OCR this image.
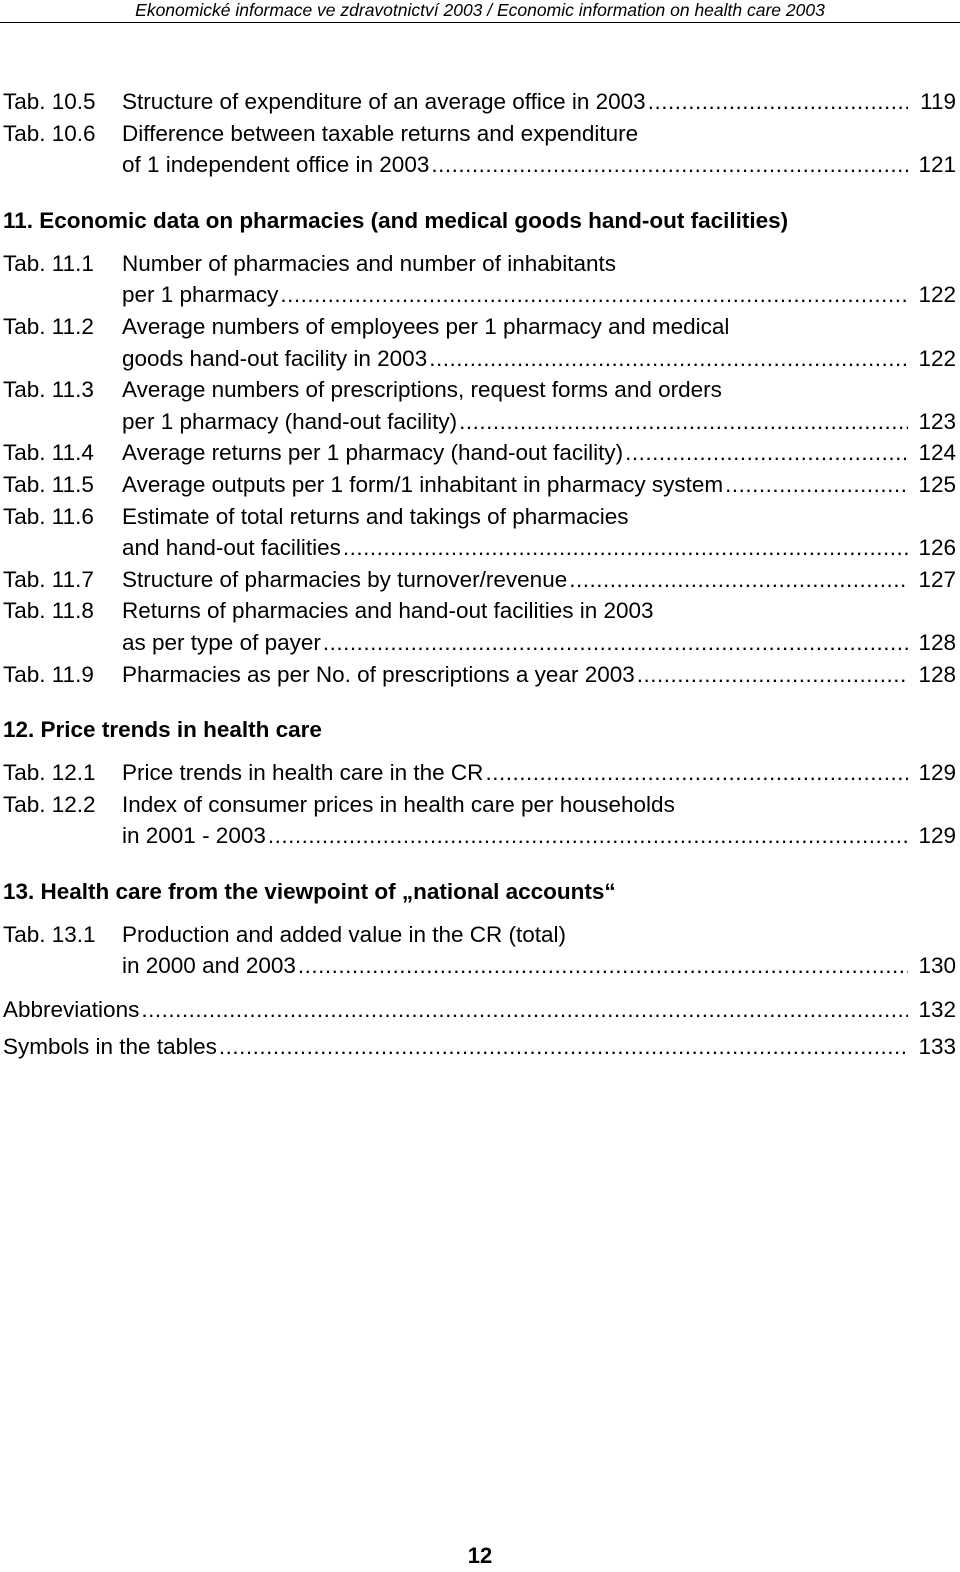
Ekonomické informace ve zdravotnictví 2003 / Economic information on health care 2003
Tab. 10.5	Structure of expenditure of an average office in 2003 .....	119
Tab. 10.6	Difference between taxable returns and expenditure
of 1 independent office in 2003 .....	121
11. Economic data on pharmacies (and medical goods hand-out facilities)
Tab. 11.1	Number of pharmacies and number of inhabitants
per 1 pharmacy .....	122
Tab. 11.2	Average numbers of employees per 1 pharmacy and medical
goods hand-out facility in 2003 .....	122
Tab. 11.3	Average numbers of prescriptions, request forms and orders
per 1 pharmacy (hand-out facility) .....	123
Tab. 11.4	Average returns per 1 pharmacy (hand-out facility) .....	124
Tab. 11.5	Average outputs per 1 form/1 inhabitant in pharmacy system .....	125
Tab. 11.6	Estimate of total returns and takings of pharmacies
and hand-out facilities .....	126
Tab. 11.7	Structure of pharmacies by turnover/revenue .....	127
Tab. 11.8	Returns of pharmacies and hand-out facilities in 2003
as per type of payer .....	128
Tab. 11.9	Pharmacies as per No. of prescriptions a year 2003 .....	128
12. Price trends in health care
Tab. 12.1	Price trends in health care in the CR .....	129
Tab. 12.2	Index of consumer prices in health care per households
in 2001 - 2003 .....	129
13. Health care from the viewpoint of „national accounts“
Tab. 13.1	Production and added value in the CR (total)
in 2000 and 2003 .....	130
Abbreviations .....	132
Symbols in the tables .....	133
12
